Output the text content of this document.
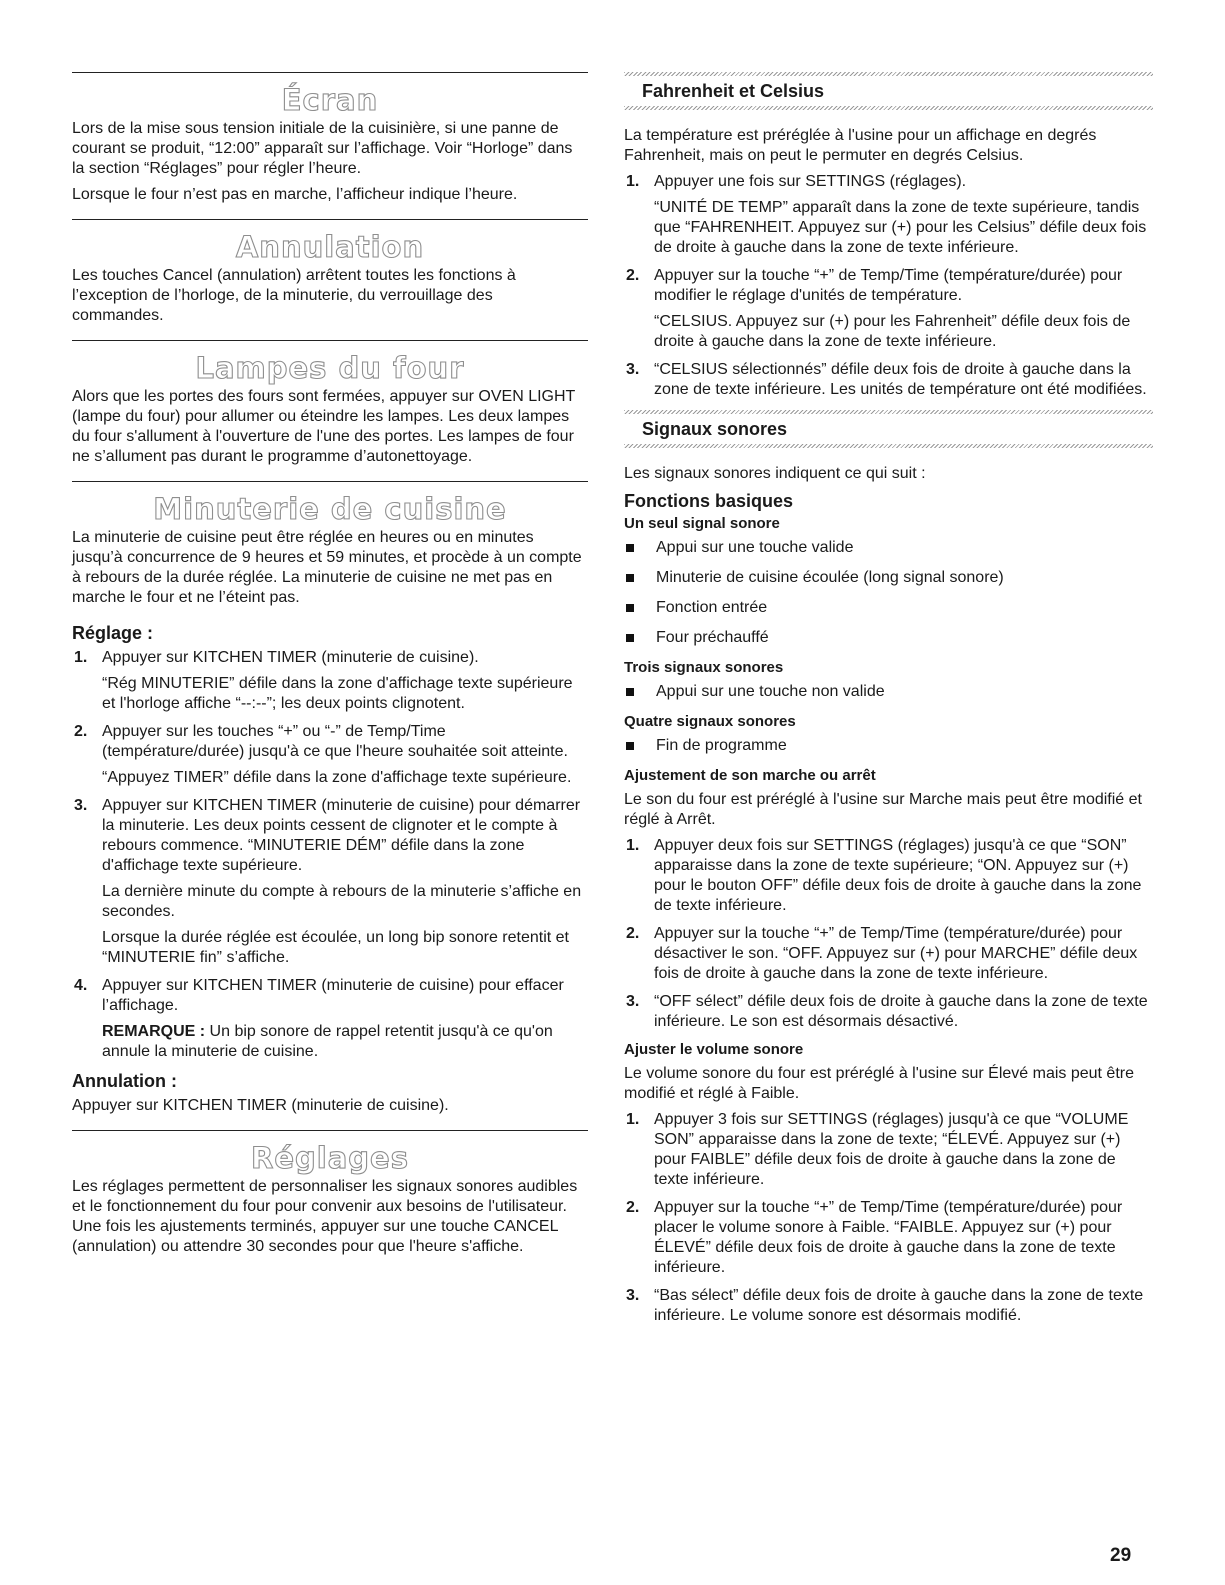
Écran

Lors de la mise sous tension initiale de la cuisinière, si une panne de courant se produit, “12:00” apparaît sur l’affichage. Voir “Horloge” dans la section “Réglages” pour régler l’heure.

Lorsque le four n’est pas en marche, l’afficheur indique l’heure.

Annulation

Les touches Cancel (annulation) arrêtent toutes les fonctions à l’exception de l’horloge, de la minuterie, du verrouillage des commandes.

Lampes du four

Alors que les portes des fours sont fermées, appuyer sur OVEN LIGHT (lampe du four) pour allumer ou éteindre les lampes. Les deux lampes du four s'allument à l'ouverture de l'une des portes. Les lampes de four ne s’allument pas durant le programme d’autonettoyage.

Minuterie de cuisine

La minuterie de cuisine peut être réglée en heures ou en minutes jusqu’à concurrence de 9 heures et 59 minutes, et procède à un compte à rebours de la durée réglée. La minuterie de cuisine ne met pas en marche le four et ne l’éteint pas.

Réglage :
1. Appuyer sur KITCHEN TIMER (minuterie de cuisine).

“Rég MINUTERIE” défile dans la zone d'affichage texte supérieure et l'horloge affiche “--:--”; les deux points clignotent.

2. Appuyer sur les touches “+” ou “-” de Temp/Time (température/durée) jusqu'à ce que l'heure souhaitée soit atteinte.

“Appuyez TIMER” défile dans la zone d'affichage texte supérieure.

3. Appuyer sur KITCHEN TIMER (minuterie de cuisine) pour démarrer la minuterie. Les deux points cessent de clignoter et le compte à rebours commence. “MINUTERIE DÉM” défile dans la zone d'affichage texte supérieure.

La dernière minute du compte à rebours de la minuterie s’affiche en secondes.

Lorsque la durée réglée est écoulée, un long bip sonore retentit et “MINUTERIE fin” s’affiche.

4. Appuyer sur KITCHEN TIMER (minuterie de cuisine) pour effacer l’affichage.

REMARQUE : Un bip sonore de rappel retentit jusqu'à ce qu'on annule la minuterie de cuisine.

Annulation :

Appuyer sur KITCHEN TIMER (minuterie de cuisine).

Réglages

Les réglages permettent de personnaliser les signaux sonores audibles et le fonctionnement du four pour convenir aux besoins de l'utilisateur. Une fois les ajustements terminés, appuyer sur une touche CANCEL (annulation) ou attendre 30 secondes pour que l'heure s'affiche.

Fahrenheit et Celsius

La température est préréglée à l'usine pour un affichage en degrés Fahrenheit, mais on peut le permuter en degrés Celsius.

1. Appuyer une fois sur SETTINGS (réglages).

“UNITÉ DE TEMP” apparaît dans la zone de texte supérieure, tandis que “FAHRENHEIT. Appuyez sur (+) pour les Celsius” défile deux fois de droite à gauche dans la zone de texte inférieure.

2. Appuyer sur la touche “+” de Temp/Time (température/durée) pour modifier le réglage d'unités de température.

“CELSIUS. Appuyez sur (+) pour les Fahrenheit” défile deux fois de droite à gauche dans la zone de texte inférieure.

3. “CELSIUS sélectionnés” défile deux fois de droite à gauche dans la zone de texte inférieure. Les unités de température ont été modifiées.

Signaux sonores

Les signaux sonores indiquent ce qui suit :

Fonctions basiques
Un seul signal sonore
Appui sur une touche valide
Minuterie de cuisine écoulée (long signal sonore)
Fonction entrée
Four préchauffé
Trois signaux sonores
Appui sur une touche non valide
Quatre signaux sonores
Fin de programme
Ajustement de son marche ou arrêt

Le son du four est préréglé à l'usine sur Marche mais peut être modifié et réglé à Arrêt.

1. Appuyer deux fois sur SETTINGS (réglages) jusqu'à ce que “SON” apparaisse dans la zone de texte supérieure; “ON. Appuyez sur (+) pour le bouton OFF” défile deux fois de droite à gauche dans la zone de texte inférieure.

2. Appuyer sur la touche “+” de Temp/Time (température/durée) pour désactiver le son. “OFF. Appuyez sur (+) pour MARCHE” défile deux fois de droite à gauche dans la zone de texte inférieure.

3. “OFF sélect” défile deux fois de droite à gauche dans la zone de texte inférieure. Le son est désormais désactivé.

Ajuster le volume sonore

Le volume sonore du four est préréglé à l'usine sur Élevé mais peut être modifié et réglé à Faible.

1. Appuyer 3 fois sur SETTINGS (réglages) jusqu'à ce que “VOLUME SON” apparaisse dans la zone de texte; “ÉLEVÉ. Appuyez sur (+) pour FAIBLE” défile deux fois de droite à gauche dans la zone de texte inférieure.

2. Appuyer sur la touche “+” de Temp/Time (température/durée) pour placer le volume sonore à Faible. “FAIBLE. Appuyez sur (+) pour ÉLEVÉ” défile deux fois de droite à gauche dans la zone de texte inférieure.

3. “Bas sélect” défile deux fois de droite à gauche dans la zone de texte inférieure. Le volume sonore est désormais modifié.

29
